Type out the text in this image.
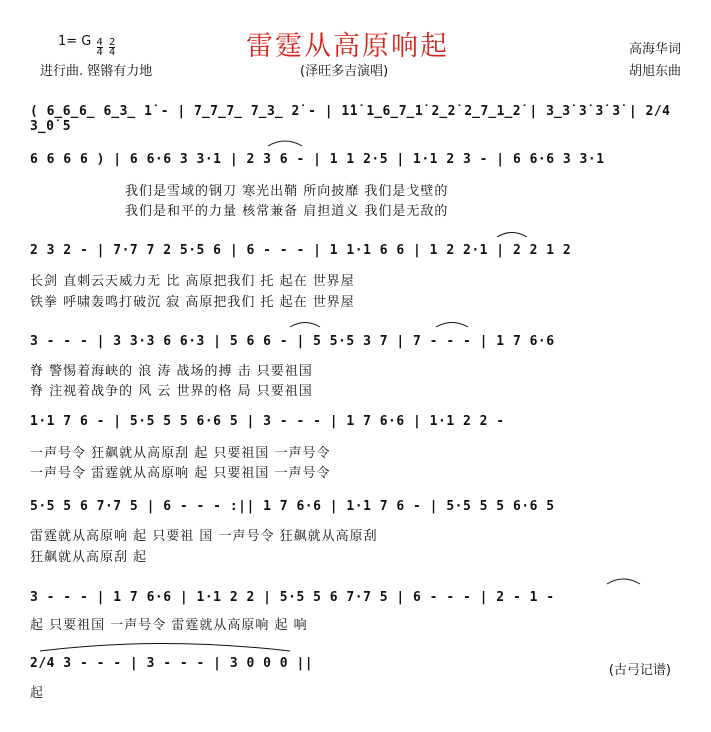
1= G $\frac{4}{4}$
$\frac{2}{4}$	雷霆从高原响起
进行曲. 铿锵有力地	(泽旺多吉演唱)
高海华词
胡旭东曲
( 6̲6̲6̲ 6̲3̲ 1̇ - | 7̲7̲7̲ 7̲3̲ 2̇ - | 1̇1̇ 1̲6̲7̲1̇ 2̲2̇ 2̲7̲1̲2̇ | 3̲3̇ 3̇ 3̇ 3̇ | 2/4 3̲0̇ 5
6 6 6 6 ) | 6 6·6 3 3·1 | 2 3 6 - | 1 1 2·5 | 1·1 2 3 - | 6 6·6 3 3·1
我们是雪域的钢刀 寒光出鞘 所向披靡 我们是戈壁的
我们是和平的力量 核常兼备 肩担道义 我们是无敌的
2 3 2 - | 7·7 7 2 5·5 6 | 6 - - - | 1 1·1 6 6 | 1 2 2·1 | 2 2 1 2
长剑 直刺云天威力无 比 高原把我们 托 起在 世界屋
铁拳 呼啸轰鸣打破沉 寂 高原把我们 托 起在 世界屋
3 - - - | 3 3·3 6 6·3 | 5 6 6 - | 5 5·5 3 7 | 7 - - - | 1 7 6·6
脊 警惕着海峡的 浪 涛 战场的搏 击 只要祖国
脊 注视着战争的 风 云 世界的格 局 只要祖国
1·1 7 6 - | 5·5 5 5 6·6 5 | 3 - - - | 1 7 6·6 | 1·1 2 2 -
一声号令 狂飙就从高原刮 起 只要祖国 一声号令
一声号令 雷霆就从高原响 起 只要祖国 一声号令
5·5 5 6 7·7 5 | 6 - - - :|| 1 7 6·6 | 1·1 7 6 - | 5·5 5 5 6·6 5
雷霆就从高原响 起 只要祖 国 一声号令 狂飙就从高原刮
狂飙就从高原刮 起
3 - - - | 1 7 6·6 | 1·1 2 2 | 5·5 5 6 7·7 5 | 6 - - - | 2 - 1 -
起 只要祖国 一声号令 雷霆就从高原响 起 响
2/4 3 - - - | 3 - - - | 3 0 0 0 ||
起
(古弓记谱)
